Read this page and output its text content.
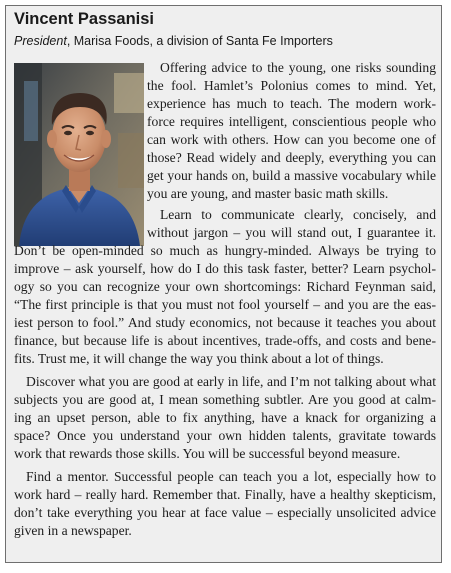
Vincent Passanisi

President, Marisa Foods, a division of Santa Fe Importers

Offering advice to the young, one risks sounding

the fool. Hamlet’s Polonius comes to mind. Yet,

experience has much to teach. The modern work-

force requires intelligent, conscientious people who

can work with others. How can you become one of

those? Read widely and deeply, everything you can

get your hands on, build a massive vocabulary while

you are young, and master basic math skills.

Learn to communicate clearly, concisely, and

without jargon – you will stand out, I guarantee it.

Don’t be open-minded so much as hungry-minded. Always be trying to

improve – ask yourself, how do I do this task faster, better? Learn psychol-

ogy so you can recognize your own shortcomings: Richard Feynman said,

“The first principle is that you must not fool yourself – and you are the eas-

iest person to fool.” And study economics, not because it teaches you about

finance, but because life is about incentives, trade-offs, and costs and bene-

fits. Trust me, it will change the way you think about a lot of things.

Discover what you are good at early in life, and I’m not talking about what

subjects you are good at, I mean something subtler. Are you good at calm-

ing an upset person, able to fix anything, have a knack for organizing a

space? Once you understand your own hidden talents, gravitate towards

work that rewards those skills. You will be successful beyond measure.

Find a mentor. Successful people can teach you a lot, especially how to

work hard – really hard. Remember that. Finally, have a healthy skepticism,

don’t take everything you hear at face value – especially unsolicited advice

given in a newspaper.
